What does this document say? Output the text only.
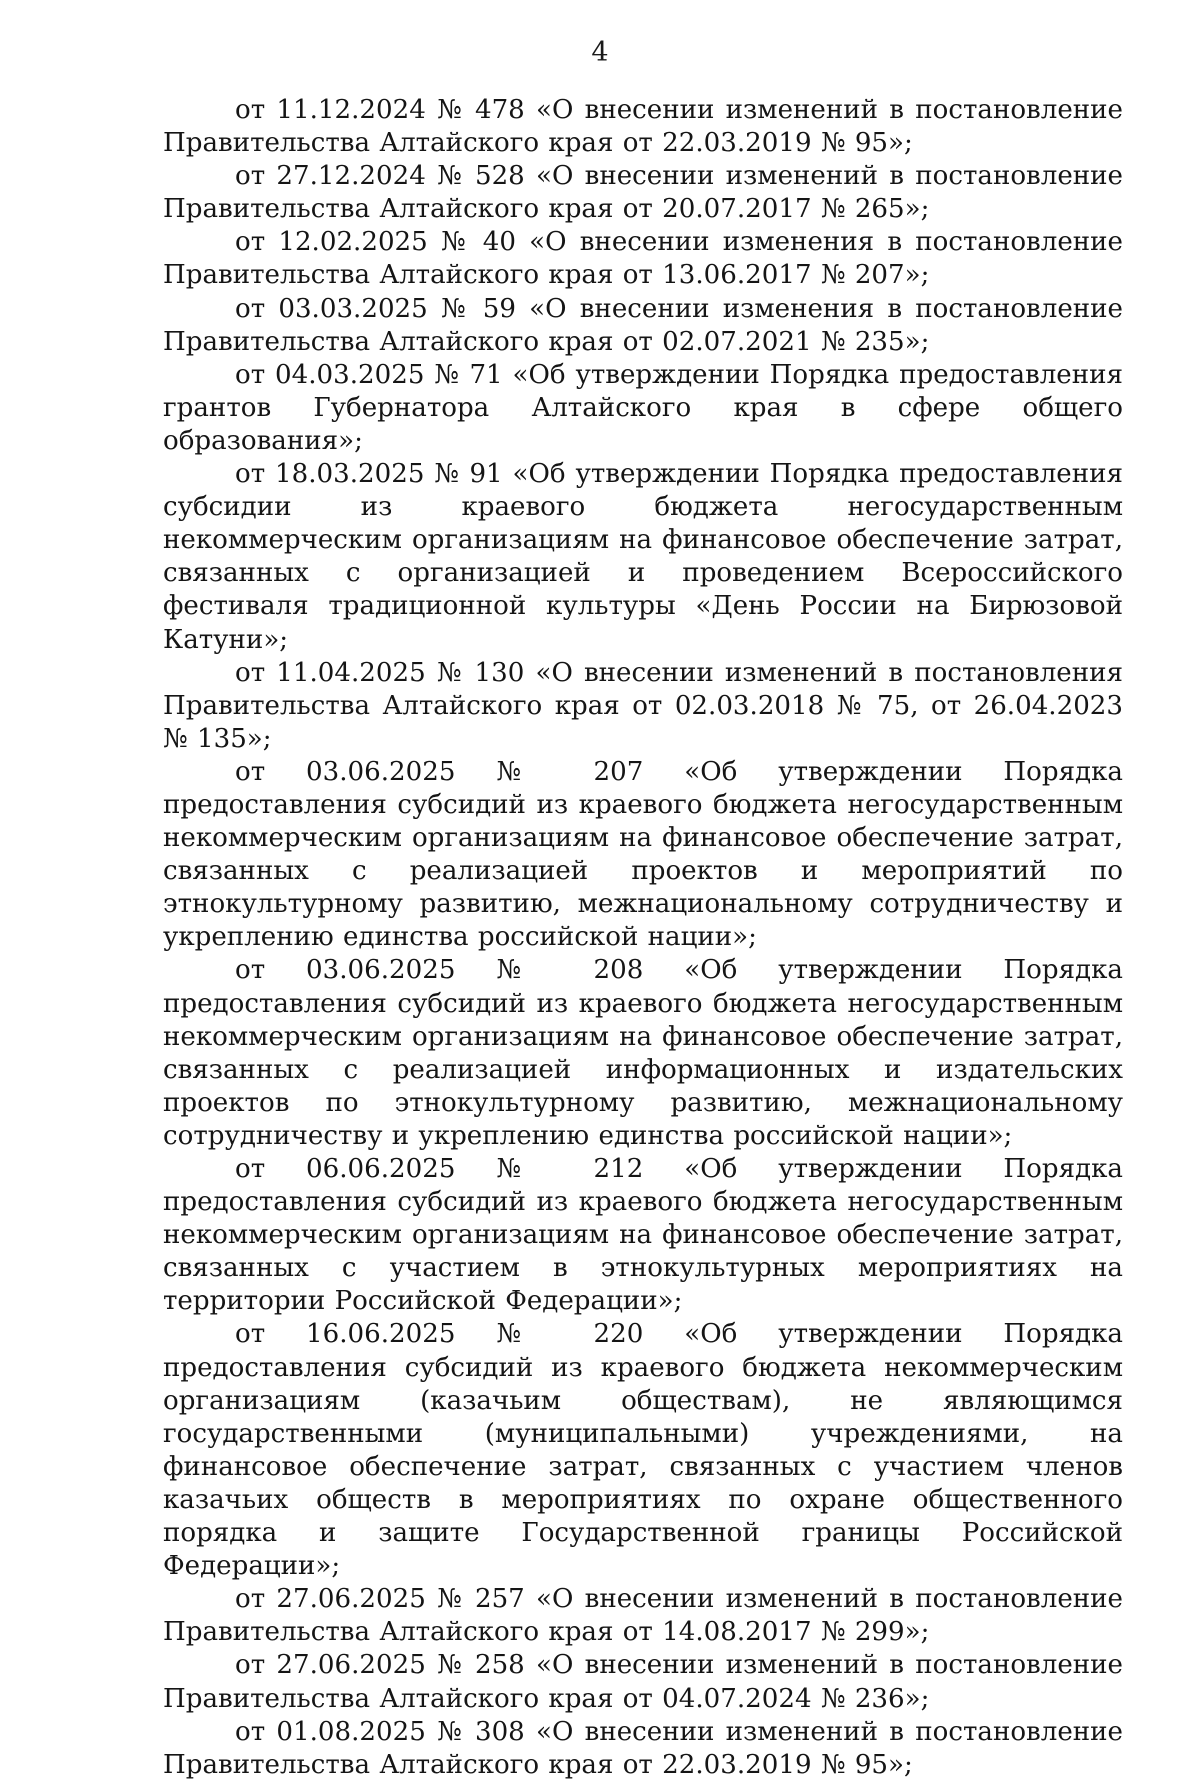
4

от 11.12.2024 № 478 «О внесении изменений в постановление Правительства Алтайского края от 22.03.2019 № 95»;

от 27.12.2024 № 528 «О внесении изменений в постановление Правительства Алтайского края от 20.07.2017 № 265»;

от 12.02.2025 № 40 «О внесении изменения в постановление Правительства Алтайского края от 13.06.2017 № 207»;

от 03.03.2025 № 59 «О внесении изменения в постановление Правительства Алтайского края от 02.07.2021 № 235»;

от 04.03.2025 № 71 «Об утверждении Порядка предоставления грантов Губернатора Алтайского края в сфере общего образования»;

от 18.03.2025 № 91 «Об утверждении Порядка предоставления субсидии из краевого бюджета негосударственным некоммерческим организациям на финансовое обеспечение затрат, связанных с организацией и проведением Всероссийского фестиваля традиционной культуры «День России на Бирюзовой Катуни»;

от 11.04.2025 № 130 «О внесении изменений в постановления Правительства Алтайского края от 02.03.2018 № 75, от 26.04.2023 № 135»;

от 03.06.2025 № 207 «Об утверждении Порядка предоставления субсидий из краевого бюджета негосударственным некоммерческим организациям на финансовое обеспечение затрат, связанных с реализацией проектов и мероприятий по этнокультурному развитию, межнациональному сотрудничеству и укреплению единства российской нации»;

от 03.06.2025 № 208 «Об утверждении Порядка предоставления субсидий из краевого бюджета негосударственным некоммерческим организациям на финансовое обеспечение затрат, связанных с реализацией информационных и издательских проектов по этнокультурному развитию, межнациональному сотрудничеству и укреплению единства российской нации»;

от 06.06.2025 № 212 «Об утверждении Порядка предоставления субсидий из краевого бюджета негосударственным некоммерческим организациям на финансовое обеспечение затрат, связанных с участием в этнокультурных мероприятиях на территории Российской Федерации»;

от 16.06.2025 № 220 «Об утверждении Порядка предоставления субсидий из краевого бюджета некоммерческим организациям (казачьим обществам), не являющимся государственными (муниципальными) учреждениями, на финансовое обеспечение затрат, связанных с участием членов казачьих обществ в мероприятиях по охране общественного порядка и защите Государственной границы Российской Федерации»;

от 27.06.2025 № 257 «О внесении изменений в постановление Правительства Алтайского края от 14.08.2017 № 299»;

от 27.06.2025 № 258 «О внесении изменений в постановление Правительства Алтайского края от 04.07.2024 № 236»;

от 01.08.2025 № 308 «О внесении изменений в постановление Правительства Алтайского края от 22.03.2019 № 95»;
